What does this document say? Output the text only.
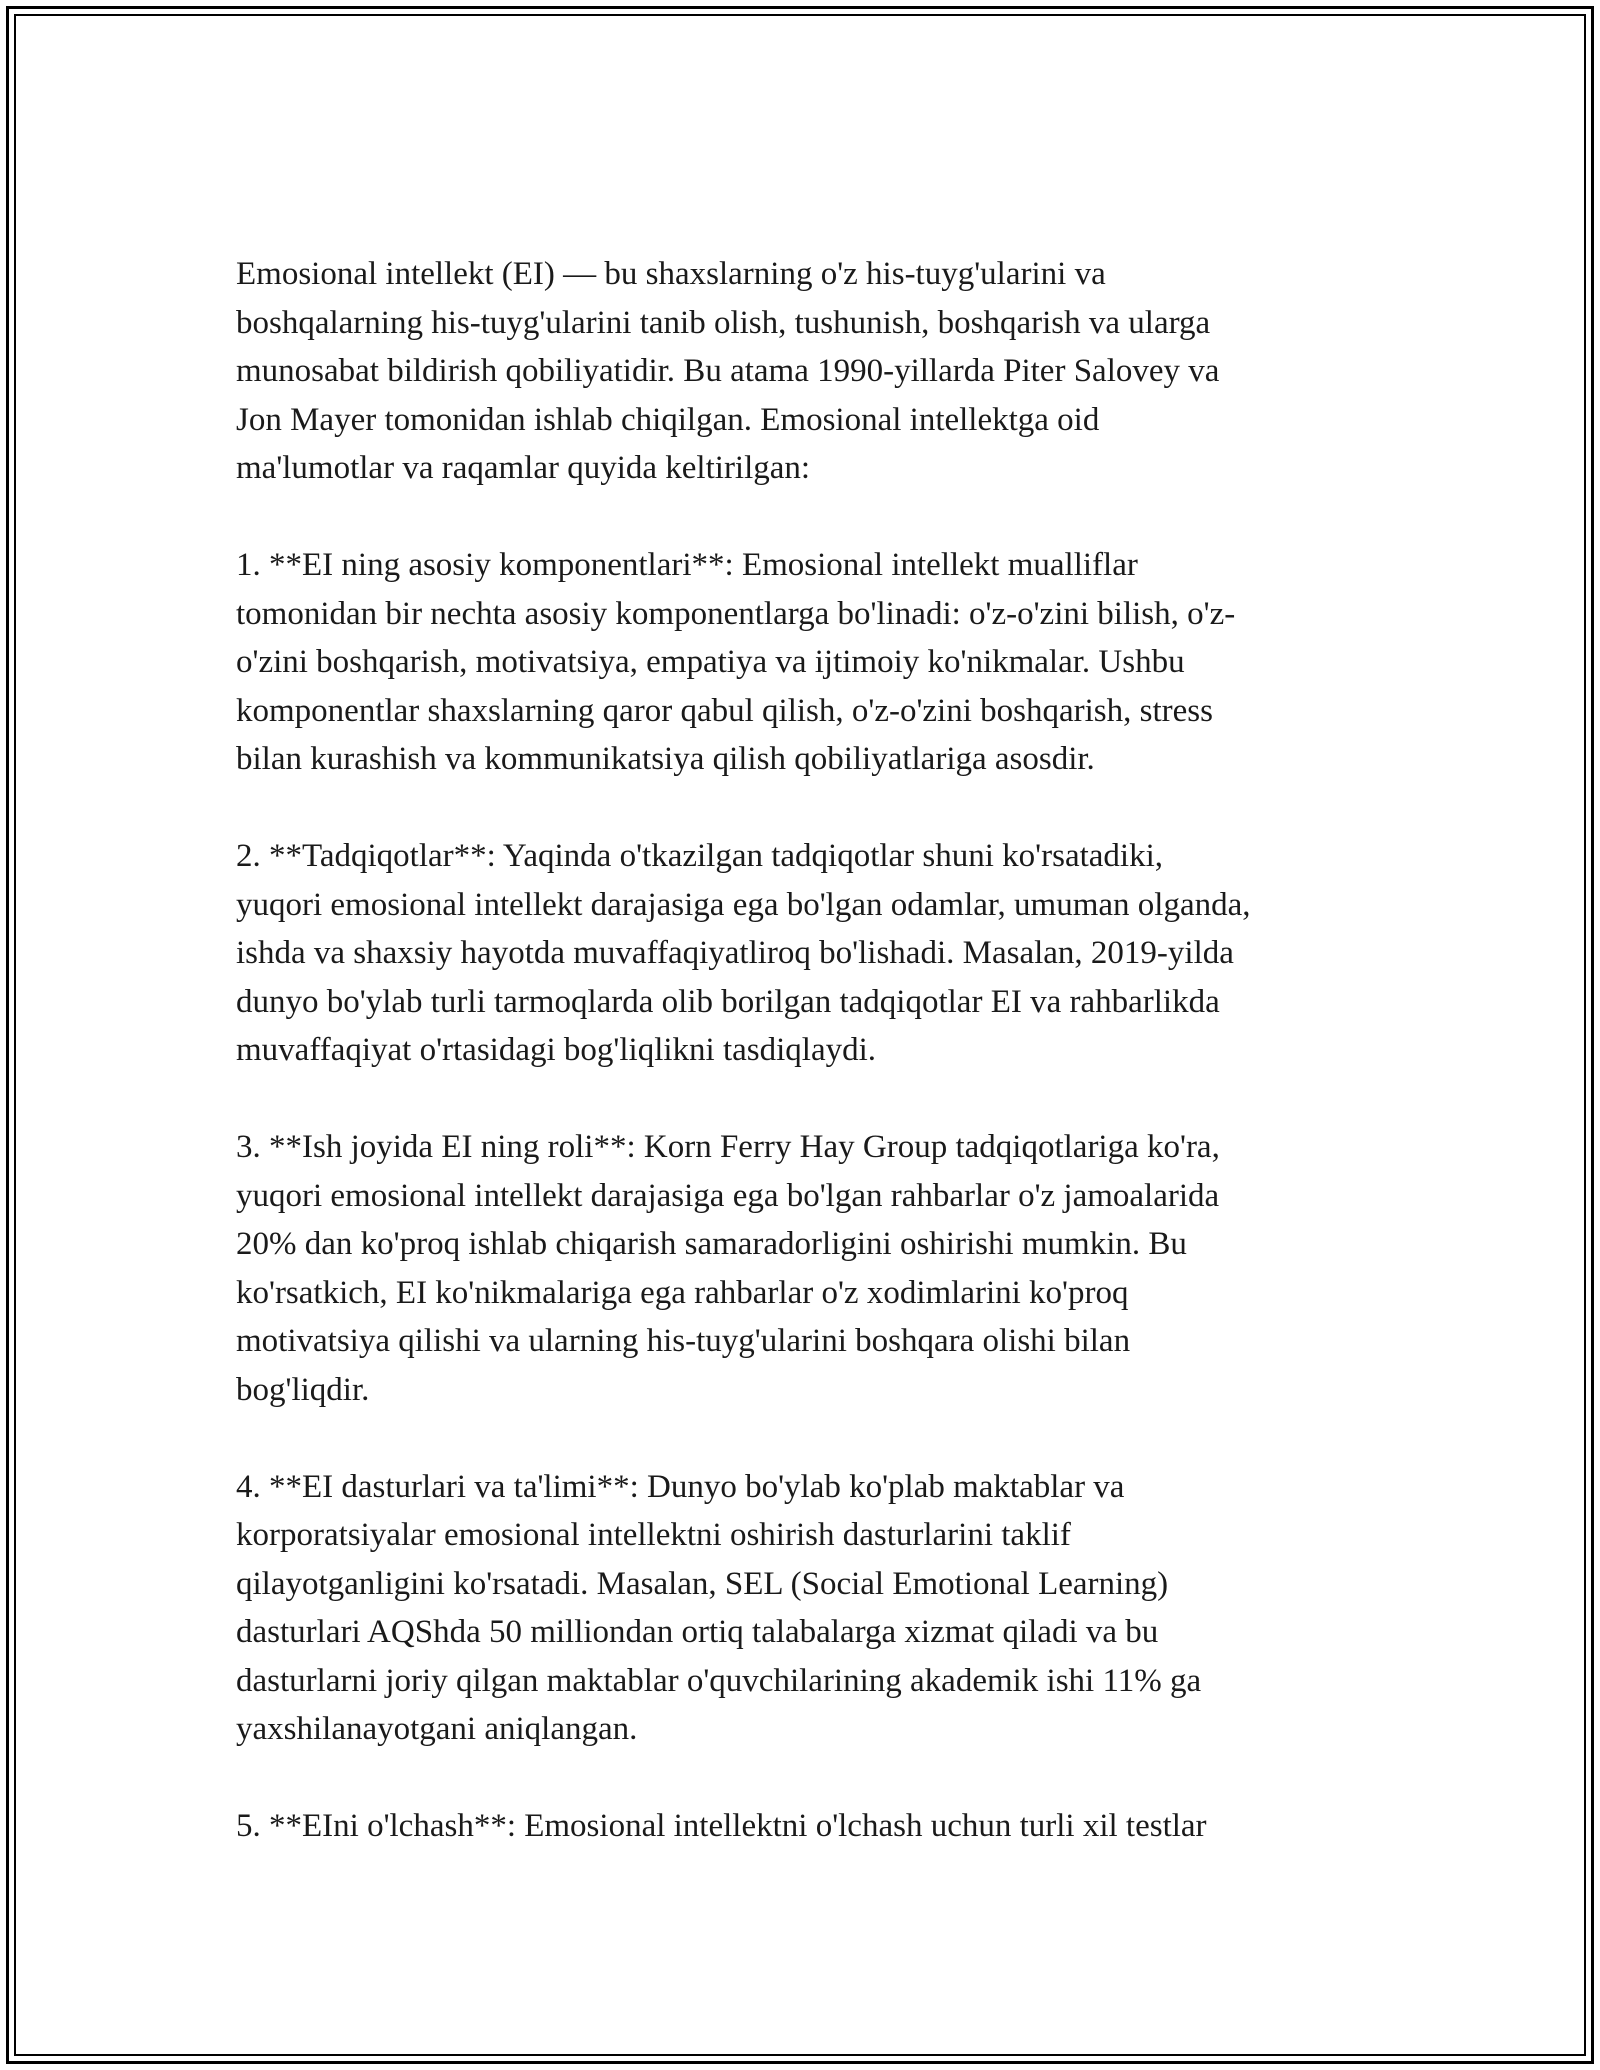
Emosional intellekt (EI) — bu shaxslarning o'z his-tuyg'ularini va
boshqalarning his-tuyg'ularini tanib olish, tushunish, boshqarish va ularga
munosabat bildirish qobiliyatidir. Bu atama 1990-yillarda Piter Salovey va
Jon Mayer tomonidan ishlab chiqilgan. Emosional intellektga oid
ma'lumotlar va raqamlar quyida keltirilgan:

1. **EI ning asosiy komponentlari**: Emosional intellekt mualliflar
tomonidan bir nechta asosiy komponentlarga bo'linadi: o'z-o'zini bilish, o'z-
o'zini boshqarish, motivatsiya, empatiya va ijtimoiy ko'nikmalar. Ushbu
komponentlar shaxslarning qaror qabul qilish, o'z-o'zini boshqarish, stress
bilan kurashish va kommunikatsiya qilish qobiliyatlariga asosdir.

2. **Tadqiqotlar**: Yaqinda o'tkazilgan tadqiqotlar shuni ko'rsatadiki,
yuqori emosional intellekt darajasiga ega bo'lgan odamlar, umuman olganda,
ishda va shaxsiy hayotda muvaffaqiyatliroq bo'lishadi. Masalan, 2019-yilda
dunyo bo'ylab turli tarmoqlarda olib borilgan tadqiqotlar EI va rahbarlikda
muvaffaqiyat o'rtasidagi bog'liqlikni tasdiqlaydi.

3. **Ish joyida EI ning roli**: Korn Ferry Hay Group tadqiqotlariga ko'ra,
yuqori emosional intellekt darajasiga ega bo'lgan rahbarlar o'z jamoalarida
20% dan ko'proq ishlab chiqarish samaradorligini oshirishi mumkin. Bu
ko'rsatkich, EI ko'nikmalariga ega rahbarlar o'z xodimlarini ko'proq
motivatsiya qilishi va ularning his-tuyg'ularini boshqara olishi bilan
bog'liqdir.

4. **EI dasturlari va ta'limi**: Dunyo bo'ylab ko'plab maktablar va
korporatsiyalar emosional intellektni oshirish dasturlarini taklif
qilayotganligini ko'rsatadi. Masalan, SEL (Social Emotional Learning)
dasturlari AQShda 50 milliondan ortiq talabalarga xizmat qiladi va bu
dasturlarni joriy qilgan maktablar o'quvchilarining akademik ishi 11% ga
yaxshilanayotgani aniqlangan.

5. **EIni o'lchash**: Emosional intellektni o'lchash uchun turli xil testlar
